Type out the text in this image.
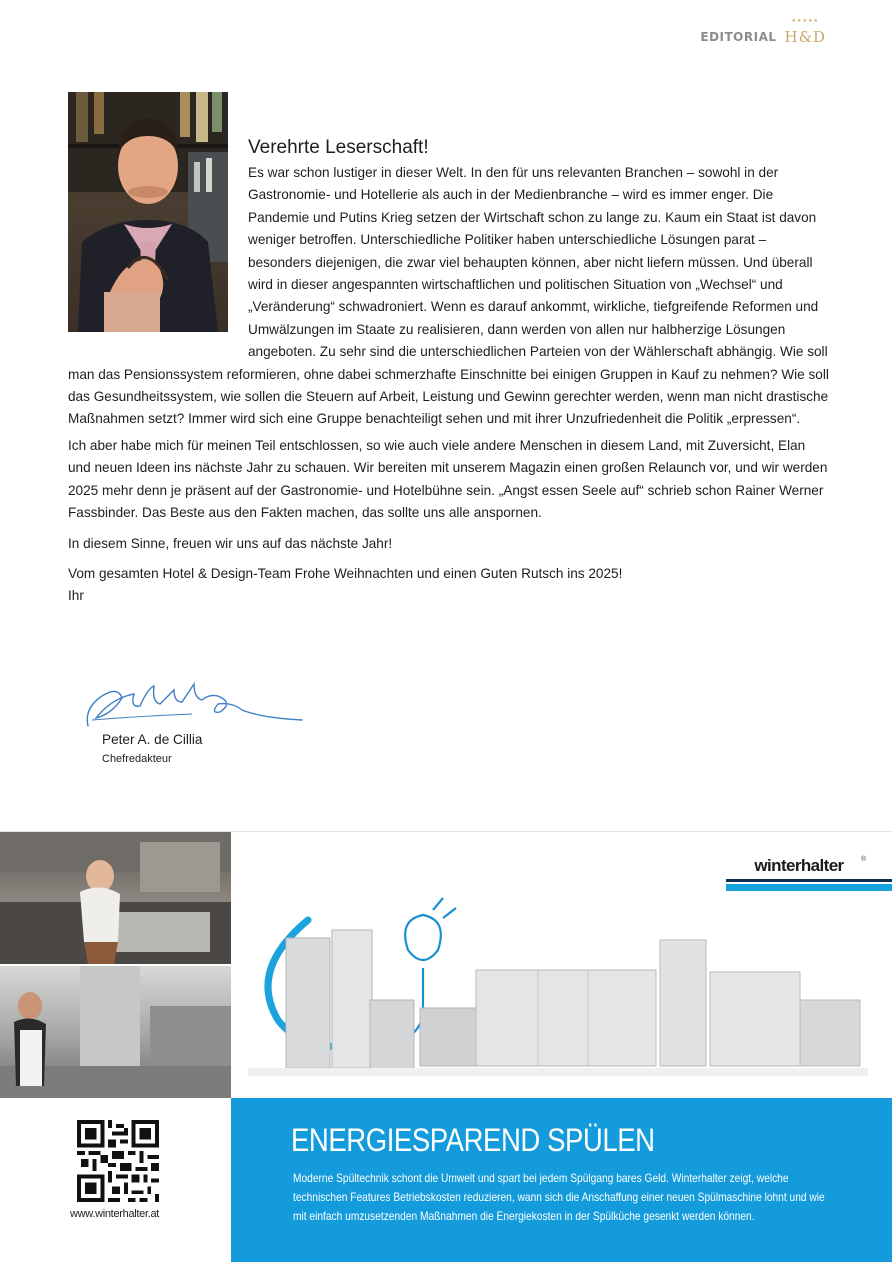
EDITORIAL
★★★★★
H&D
Verehrte Leserschaft!

Es war schon lustiger in dieser Welt. In den für uns relevanten Branchen – sowohl in der Gastronomie- und Hotellerie als auch in der Medienbranche – wird es immer enger. Die Pandemie und Putins Krieg setzen der Wirtschaft schon zu lange zu. Kaum ein Staat ist davon weniger betroffen. Unterschiedliche Politiker haben unterschiedliche Lösungen parat – besonders diejenigen, die zwar viel behaupten können, aber nicht liefern müssen. Und überall wird in dieser angespannten wirtschaftlichen und politischen Situation von „Wechsel“ und „Veränderung“ schwadroniert. Wenn es darauf ankommt, wirkliche, tiefgreifende Reformen und Umwälzungen im Staate zu realisieren, dann werden von allen nur halbherzige Lösungen angeboten. Zu sehr sind die unterschiedlichen Parteien von der Wählerschaft abhängig. Wie soll man das Pensionssystem reformieren, ohne dabei schmerzhafte Einschnitte bei einigen Gruppen in Kauf zu nehmen? Wie soll das Gesundheitssystem, wie sollen die Steuern auf Arbeit, Leistung und Gewinn gerechter werden, wenn man nicht drastische Maßnahmen setzt? Immer wird sich eine Gruppe benachteiligt sehen und mit ihrer Unzufriedenheit die Politik „erpressen“.

Ich aber habe mich für meinen Teil entschlossen, so wie auch viele andere Menschen in diesem Land, mit Zuversicht, Elan und neuen Ideen ins nächste Jahr zu schauen. Wir bereiten mit unserem Magazin einen großen Relaunch vor, und wir werden 2025 mehr denn je präsent auf der Gastronomie- und Hotelbühne sein. „Angst essen Seele auf“ schrieb schon Rainer Werner Fassbinder. Das Beste aus den Fakten machen, das sollte uns alle anspornen.

In diesem Sinne, freuen wir uns auf das nächste Jahr!

Vom gesamten Hotel & Design-Team Frohe Weihnachten und einen Guten Rutsch ins 2025!

Ihr

Peter A. de Cillia
Chefredakteur
winterhalter	®
www.winterhalter.at
ENERGIESPAREND SPÜLEN

Moderne Spültechnik schont die Umwelt und spart bei jedem Spülgang bares Geld. Winterhalter zeigt, welche technischen Features Betriebskosten reduzieren, wann sich die Anschaffung einer neuen Spülmaschine lohnt und wie mit einfach umzusetzenden Maßnahmen die Energiekosten in der Spülküche gesenkt werden können.
